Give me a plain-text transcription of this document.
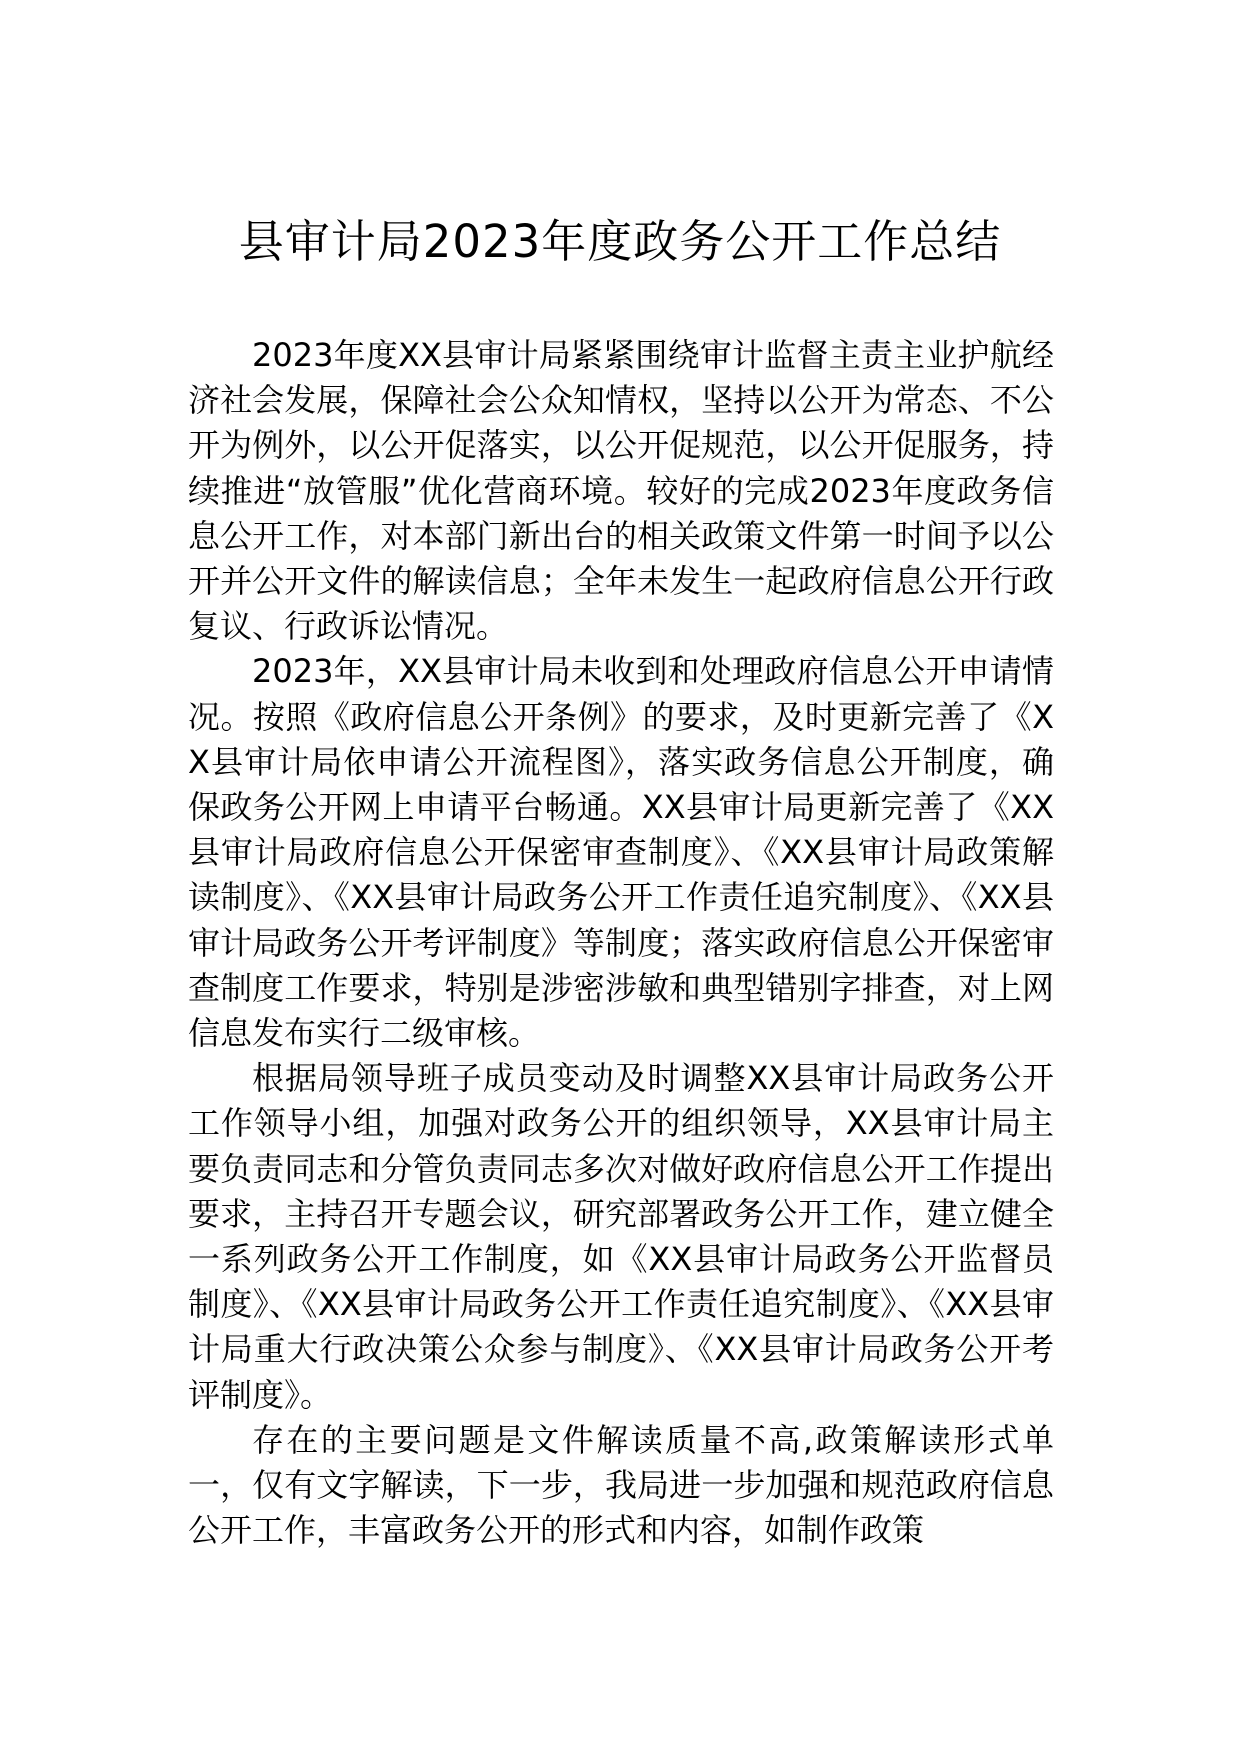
县审计局2023年度政务公开工作总结

2023年度XX县审计局紧紧围绕审计监督主责主业护航经济社会发展，保障社会公众知情权，坚持以公开为常态、不公开为例外，以公开促落实，以公开促规范，以公开促服务，持续推进“放管服”优化营商环境。较好的完成2023年度政务信息公开工作，对本部门新出台的相关政策文件第一时间予以公开并公开文件的解读信息；全年未发生一起政府信息公开行政复议、行政诉讼情况。

2023年，XX县审计局未收到和处理政府信息公开申请情况。按照《政府信息公开条例》的要求，及时更新完善了《XX县审计局依申请公开流程图》，落实政务信息公开制度，确保政务公开网上申请平台畅通。XX县审计局更新完善了《XX县审计局政府信息公开保密审查制度》、《XX县审计局政策解读制度》、《XX县审计局政务公开工作责任追究制度》、《XX县审计局政务公开考评制度》等制度；落实政府信息公开保密审查制度工作要求，特别是涉密涉敏和典型错别字排查，对上网信息发布实行二级审核。

根据局领导班子成员变动及时调整XX县审计局政务公开工作领导小组，加强对政务公开的组织领导，XX县审计局主要负责同志和分管负责同志多次对做好政府信息公开工作提出要求，主持召开专题会议，研究部署政务公开工作，建立健全一系列政务公开工作制度，如《XX县审计局政务公开监督员制度》、《XX县审计局政务公开工作责任追究制度》、《XX县审计局重大行政决策公众参与制度》、《XX县审计局政务公开考评制度》。

存在的主要问题是文件解读质量不高,政策解读形式单一，仅有文字解读，下一步，我局进一步加强和规范政府信息公开工作，丰富政务公开的形式和内容，如制作政策
